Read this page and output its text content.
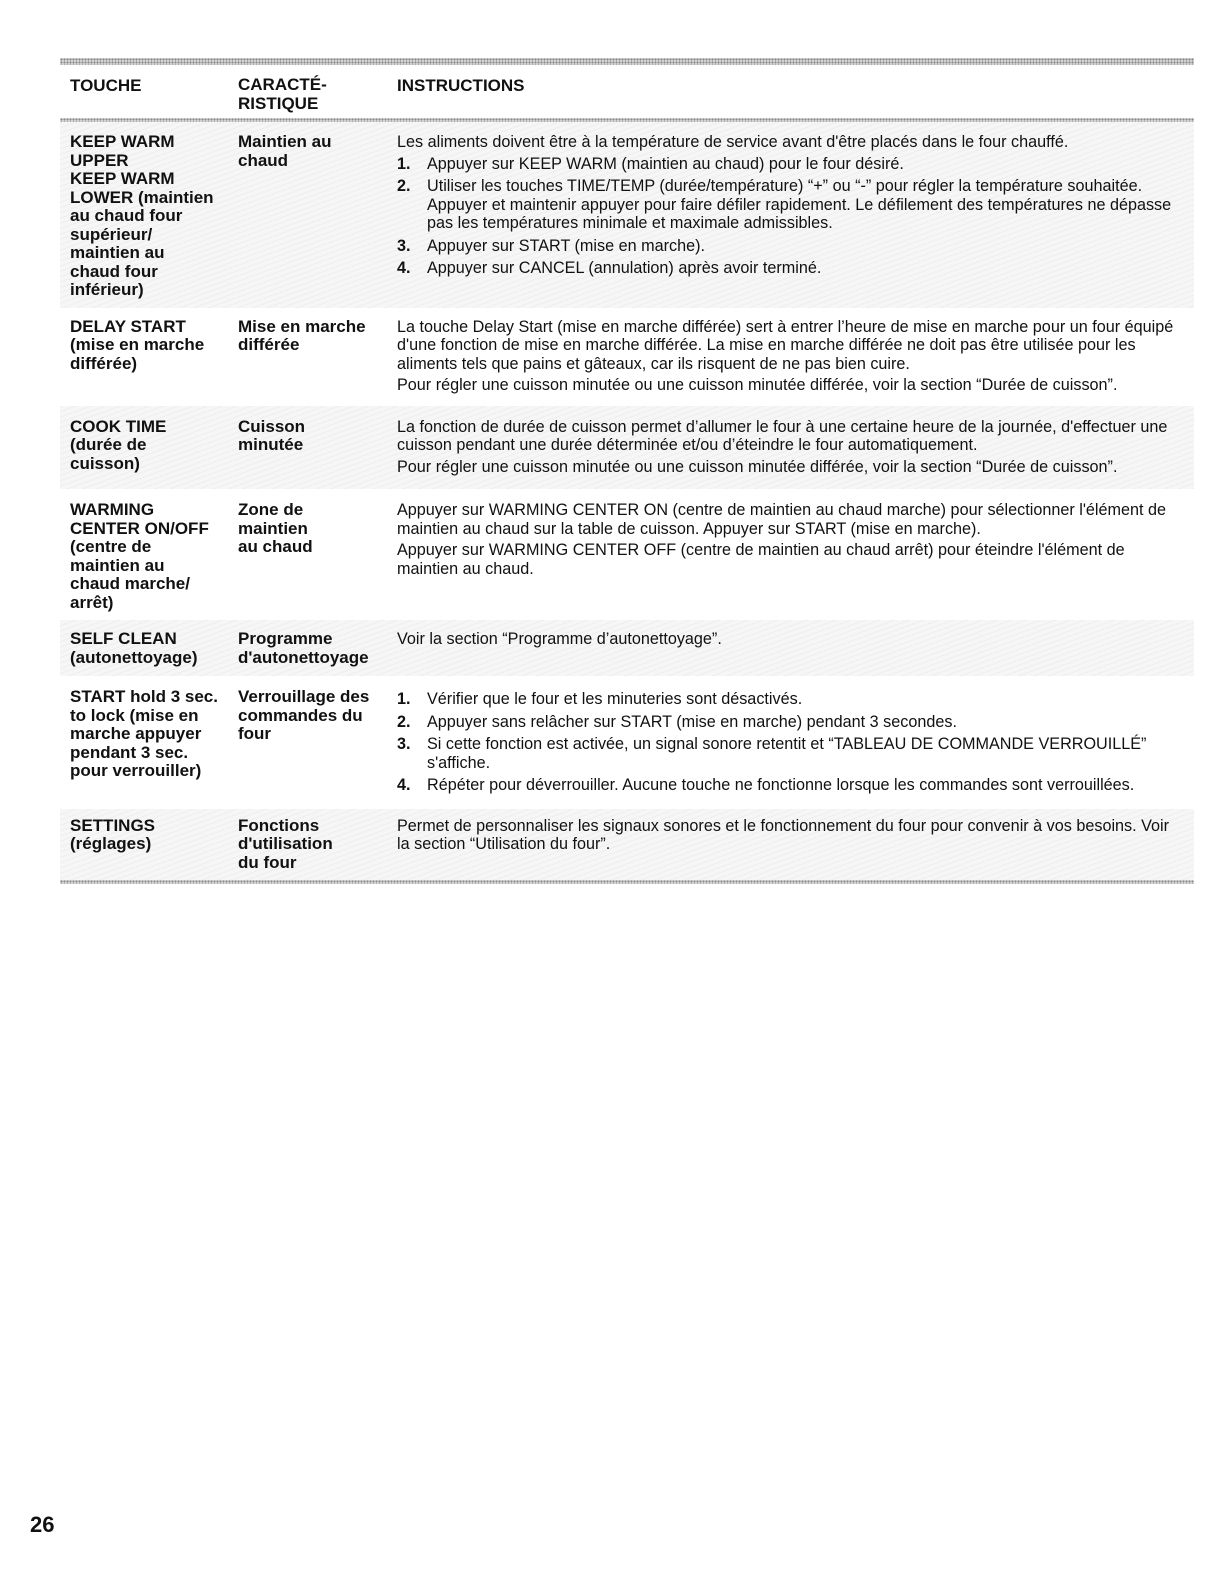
TOUCHE	CARACTÉ-
RISTIQUE
INSTRUCTIONS
KEEP WARM
UPPER
KEEP WARM
LOWER (maintien
au chaud four
supérieur/
maintien au
chaud four
inférieur)
Maintien au
chaud

Les aliments doivent être à la température de service avant d'être placés dans le four chauffé.

1. Appuyer sur KEEP WARM (maintien au chaud) pour le four désiré.
2. Utiliser les touches TIME/TEMP (durée/température) “+” ou “-” pour régler la température souhaitée. Appuyer et maintenir appuyer pour faire défiler rapidement. Le défilement des températures ne dépasse pas les températures minimale et maximale admissibles.
3. Appuyer sur START (mise en marche).
4. Appuyer sur CANCEL (annulation) après avoir terminé.
DELAY START
(mise en marche
différée)
Mise en marche
différée

La touche Delay Start (mise en marche différée) sert à entrer l’heure de mise en marche pour un four équipé d'une fonction de mise en marche différée. La mise en marche différée ne doit pas être utilisée pour les aliments tels que pains et gâteaux, car ils risquent de ne pas bien cuire.

Pour régler une cuisson minutée ou une cuisson minutée différée, voir la section “Durée de cuisson”.

COOK TIME
(durée de
cuisson)
Cuisson
minutée

La fonction de durée de cuisson permet d’allumer le four à une certaine heure de la journée, d'effectuer une cuisson pendant une durée déterminée et/ou d’éteindre le four automatiquement.

Pour régler une cuisson minutée ou une cuisson minutée différée, voir la section “Durée de cuisson”.

WARMING
CENTER ON/OFF
(centre de
maintien au
chaud marche/
arrêt)
Zone de
maintien
au chaud

Appuyer sur WARMING CENTER ON (centre de maintien au chaud marche) pour sélectionner l'élément de maintien au chaud sur la table de cuisson. Appuyer sur START (mise en marche).

Appuyer sur WARMING CENTER OFF (centre de maintien au chaud arrêt) pour éteindre l'élément de maintien au chaud.

SELF CLEAN
(autonettoyage)
Programme
d'autonettoyage

Voir la section “Programme d’autonettoyage”.

START hold 3 sec.
to lock (mise en
marche appuyer
pendant 3 sec.
pour verrouiller)
Verrouillage des
commandes du
four
1. Vérifier que le four et les minuteries sont désactivés.
2. Appuyer sans relâcher sur START (mise en marche) pendant 3 secondes.
3. Si cette fonction est activée, un signal sonore retentit et “TABLEAU DE COMMANDE VERROUILLÉ” s'affiche.
4. Répéter pour déverrouiller. Aucune touche ne fonctionne lorsque les commandes sont verrouillées.
SETTINGS
(réglages)
Fonctions
d'utilisation
du four

Permet de personnaliser les signaux sonores et le fonctionnement du four pour convenir à vos besoins. Voir la section “Utilisation du four”.

26
